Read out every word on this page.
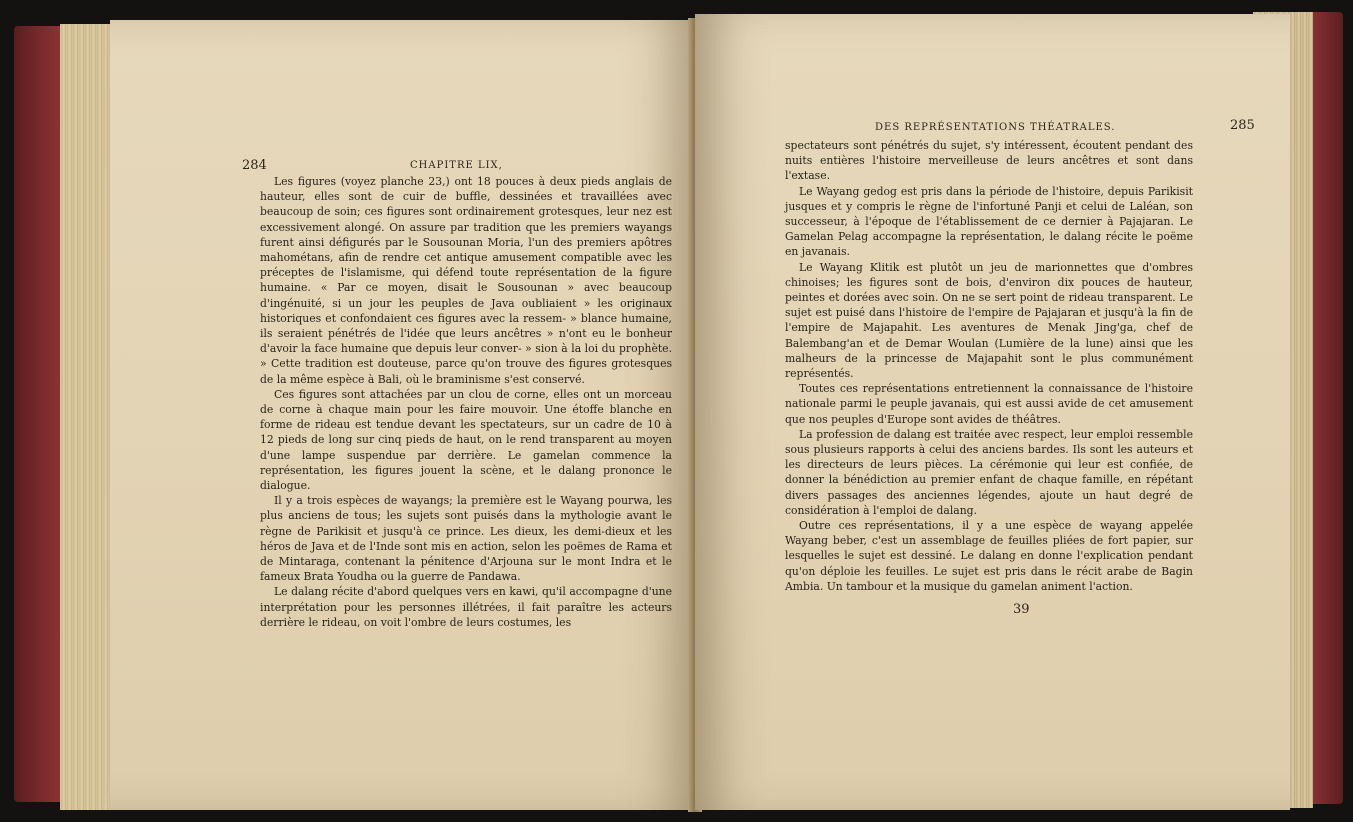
284	CHAPITRE LIX,

Les figures (voyez planche 23,) ont 18 pouces à deux pieds anglais de hauteur, elles sont de cuir de buffle, dessinées et travaillées avec beaucoup de soin; ces figures sont ordinairement grotesques, leur nez est excessivement alongé. On assure par tradition que les premiers wayangs furent ainsi défigurés par le Sousounan Moria, l'un des premiers apôtres mahométans, afin de rendre cet antique amusement compatible avec les préceptes de l'islamisme, qui défend toute représentation de la figure humaine. « Par ce moyen, disait le Sousounan » avec beaucoup d'ingénuité, si un jour les peuples de Java oubliaient » les originaux historiques et confondaient ces figures avec la ressem- » blance humaine, ils seraient pénétrés de l'idée que leurs ancêtres » n'ont eu le bonheur d'avoir la face humaine que depuis leur conver- » sion à la loi du prophète. » Cette tradition est douteuse, parce qu'on trouve des figures grotesques de la même espèce à Bali, où le braminisme s'est conservé.

Ces figures sont attachées par un clou de corne, elles ont un morceau de corne à chaque main pour les faire mouvoir. Une étoffe blanche en forme de rideau est tendue devant les spectateurs, sur un cadre de 10 à 12 pieds de long sur cinq pieds de haut, on le rend transparent au moyen d'une lampe suspendue par derrière. Le gamelan commence la représentation, les figures jouent la scène, et le dalang prononce le dialogue.

Il y a trois espèces de wayangs; la première est le Wayang pourwa, les plus anciens de tous; les sujets sont puisés dans la mythologie avant le règne de Parikisit et jusqu'à ce prince. Les dieux, les demi-dieux et les héros de Java et de l'Inde sont mis en action, selon les poëmes de Rama et de Mintaraga, contenant la pénitence d'Arjouna sur le mont Indra et le fameux Brata Youdha ou la guerre de Pandawa.

Le dalang récite d'abord quelques vers en kawi, qu'il accompagne d'une interprétation pour les personnes illétrées, il fait paraître les acteurs derrière le rideau, on voit l'ombre de leurs costumes, les

DES REPRÉSENTATIONS THÉATRALES.	285

spectateurs sont pénétrés du sujet, s'y intéressent, écoutent pendant des nuits entières l'histoire merveilleuse de leurs ancêtres et sont dans l'extase.

Le Wayang gedog est pris dans la période de l'histoire, depuis Parikisit jusques et y compris le règne de l'infortuné Panji et celui de Laléan, son successeur, à l'époque de l'établissement de ce dernier à Pajajaran. Le Gamelan Pelag accompagne la représentation, le dalang récite le poëme en javanais.

Le Wayang Klitik est plutôt un jeu de marionnettes que d'ombres chinoises; les figures sont de bois, d'environ dix pouces de hauteur, peintes et dorées avec soin. On ne se sert point de rideau transparent. Le sujet est puisé dans l'histoire de l'empire de Pajajaran et jusqu'à la fin de l'empire de Majapahit. Les aventures de Menak Jing'ga, chef de Balembang'an et de Demar Woulan (Lumière de la lune) ainsi que les malheurs de la princesse de Majapahit sont le plus communément représentés.

Toutes ces représentations entretiennent la connaissance de l'histoire nationale parmi le peuple javanais, qui est aussi avide de cet amusement que nos peuples d'Europe sont avides de théâtres.

La profession de dalang est traitée avec respect, leur emploi ressemble sous plusieurs rapports à celui des anciens bardes. Ils sont les auteurs et les directeurs de leurs pièces. La cérémonie qui leur est confiée, de donner la bénédiction au premier enfant de chaque famille, en répétant divers passages des anciennes légendes, ajoute un haut degré de considération à l'emploi de dalang.

Outre ces représentations, il y a une espèce de wayang appelée Wayang beber, c'est un assemblage de feuilles pliées de fort papier, sur lesquelles le sujet est dessiné. Le dalang en donne l'explication pendant qu'on déploie les feuilles. Le sujet est pris dans le récit arabe de Bagin Ambia. Un tambour et la musique du gamelan animent l'action.

39
